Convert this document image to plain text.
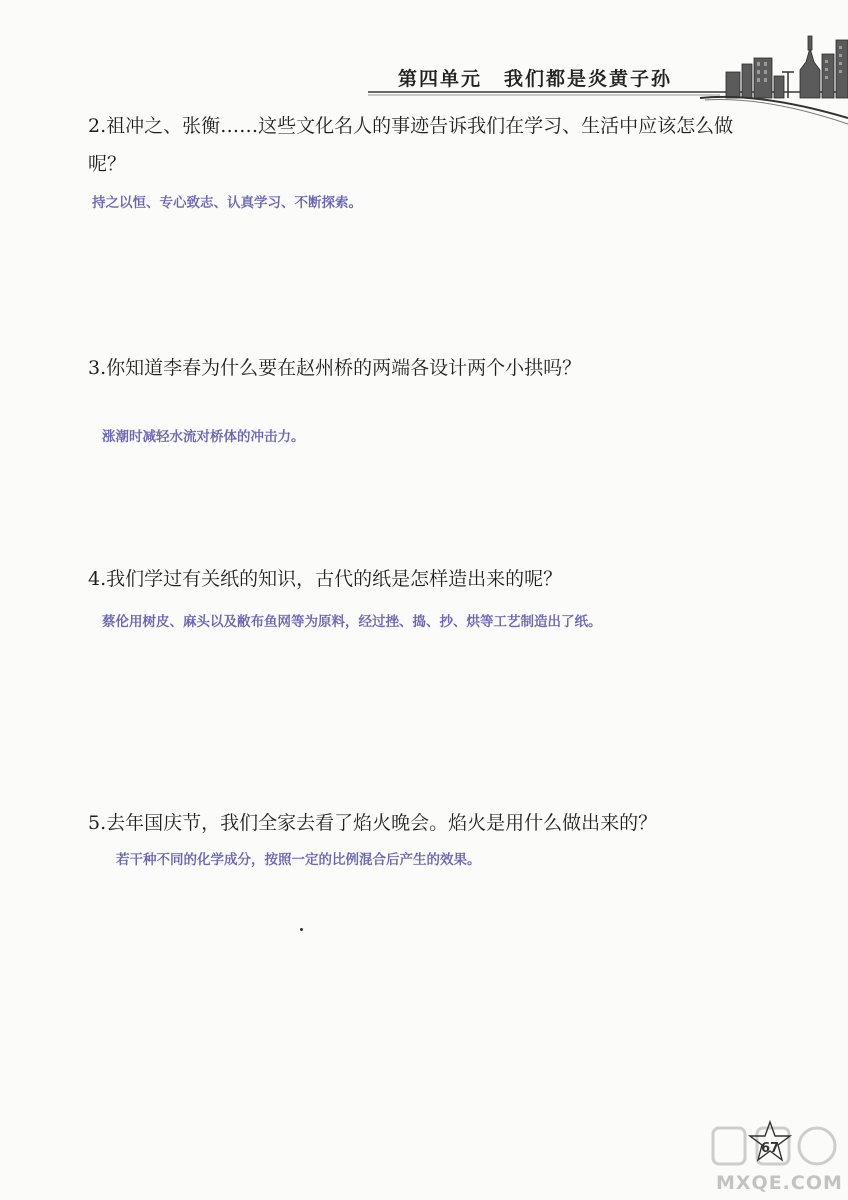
第四单元 我们都是炎黄子孙
2.祖冲之、张衡……这些文化名人的事迹告诉我们在学习、生活中应该怎么做
呢？
持之以恒、专心致志、认真学习、不断探索。
3.你知道李春为什么要在赵州桥的两端各设计两个小拱吗？
涨潮时减轻水流对桥体的冲击力。
4.我们学过有关纸的知识，古代的纸是怎样造出来的呢？
蔡伦用树皮、麻头以及敝布鱼网等为原料，经过挫、捣、抄、烘等工艺制造出了纸。
5.去年国庆节，我们全家去看了焰火晚会。焰火是用什么做出来的？
若干种不同的化学成分，按照一定的比例混合后产生的效果。
67
MXQE.COM
